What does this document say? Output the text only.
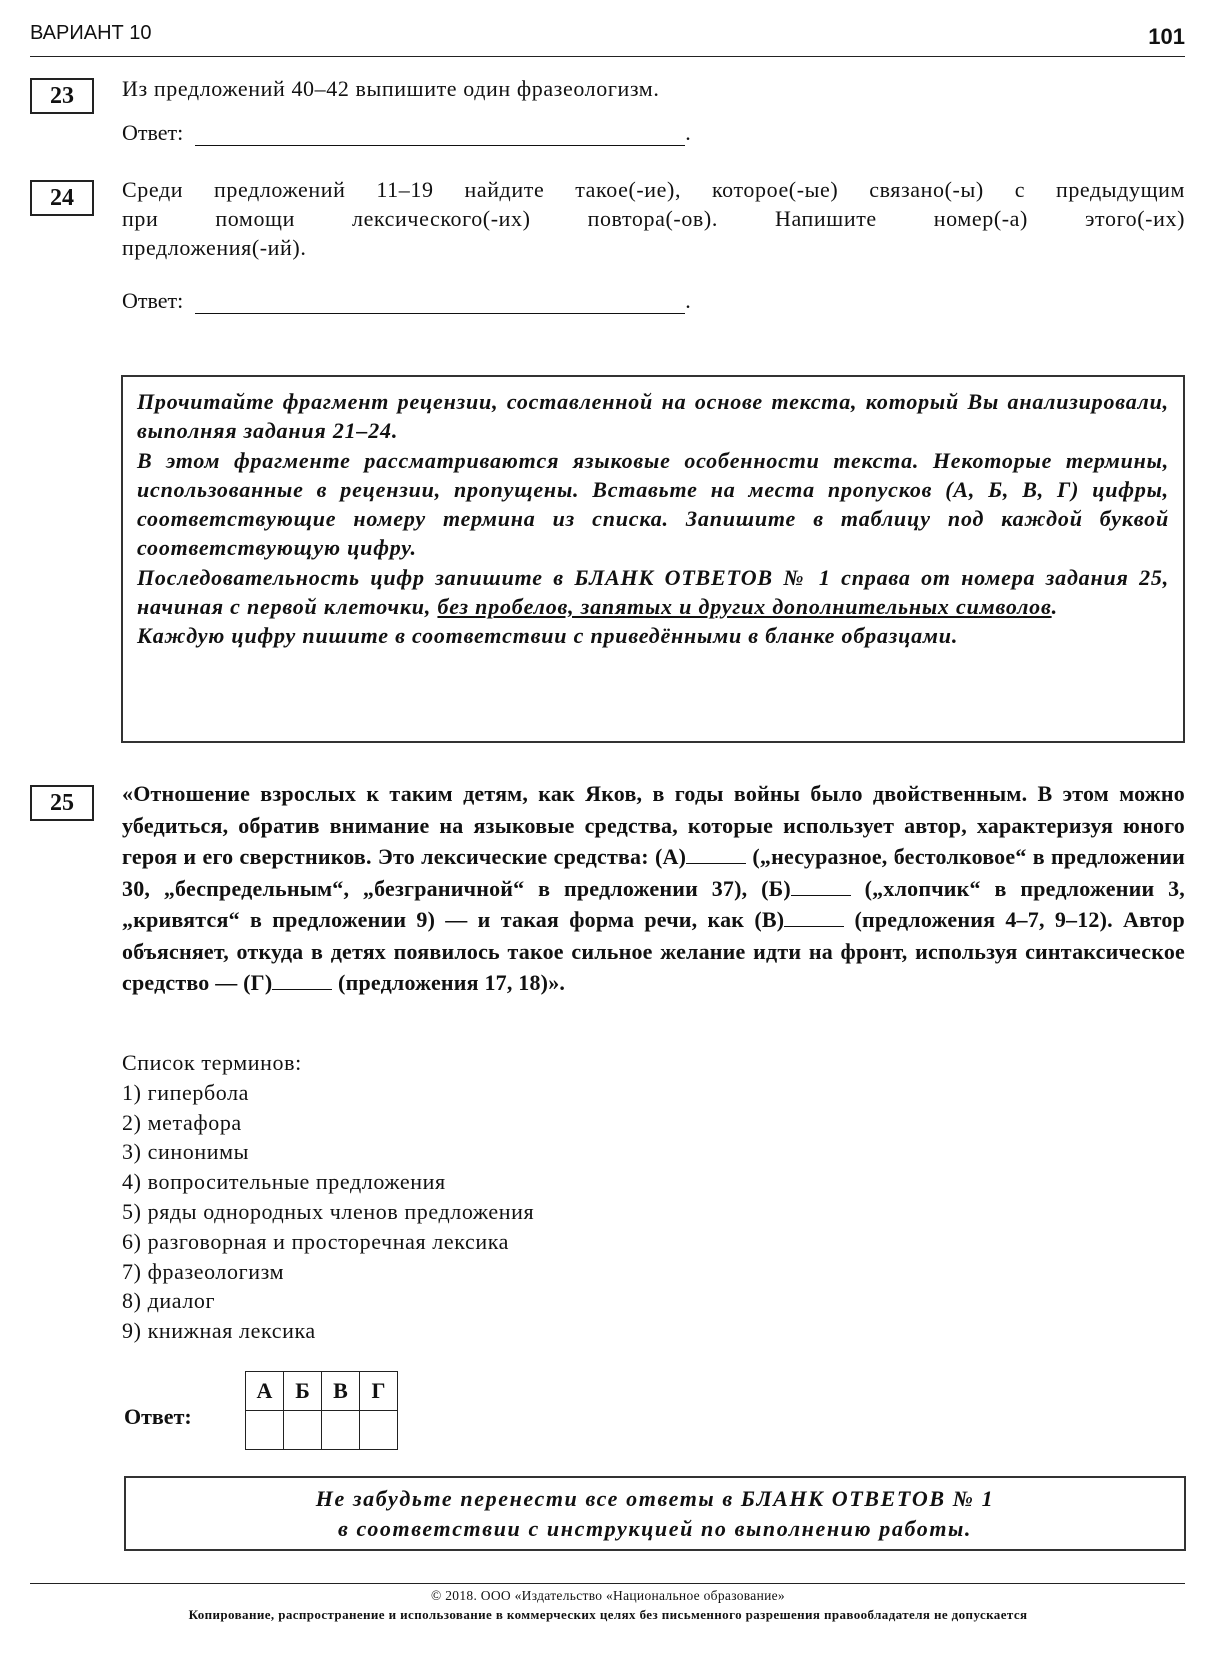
ВАРИАНТ 10	101
23	Из предложений 40–42 выпишите один фразеологизм.
Ответ:	.
24	Среди предложений 11–19 найдите такое(-ие), которое(-ые) связано(-ы) с предыдущим
при помощи лексического(-их) повтора(-ов). Напишите номер(-а) этого(-их)
предложения(-ий).
Ответ:	.

Прочитайте фрагмент рецензии, составленной на основе текста, который Вы анализировали, выполняя задания 21–24.

В этом фрагменте рассматриваются языковые особенности текста. Некоторые термины, использованные в рецензии, пропущены. Вставьте на места пропусков (А, Б, В, Г) цифры, соответствующие номеру термина из списка. Запишите в таблицу под каждой буквой соответствующую цифру.

Последовательность цифр запишите в БЛАНК ОТВЕТОВ № 1 справа от номера задания 25, начиная с первой клеточки, без пробелов, запятых и других дополнительных символов.

Каждую цифру пишите в соответствии с приведёнными в бланке образцами.

25	«Отношение взрослых к таким детям, как Яков, в годы войны было двойственным. В этом можно убедиться, обратив внимание на языковые средства, которые использует автор, характеризуя юного героя и его сверстников. Это лексические средства: (А)	(„несуразное, бестолковое“ в предложении 30, „беспредельным“, „безграничной“ в предложении 37), (Б)	(„хлопчик“ в предложении 3, „кривятся“ в предложении 9) — и такая форма речи, как (В)	(предложения 4–7, 9–12). Автор объясняет, откуда в детях появилось такое сильное желание идти на фронт, используя синтаксическое средство — (Г)	(предложения 17, 18)».

Список терминов:
1) гипербола
2) метафора
3) синонимы
4) вопросительные предложения
5) ряды однородных членов предложения
6) разговорная и просторечная лексика
7) фразеологизм
8) диалог
9) книжная лексика
Ответ:
А	Б	В	Г

Не забудьте перенести все ответы в БЛАНК ОТВЕТОВ № 1
в соответствии с инструкцией по выполнению работы.
© 2018. ООО «Издательство «Национальное образование»
Копирование, распространение и использование в коммерческих целях без письменного разрешения правообладателя не допускается
